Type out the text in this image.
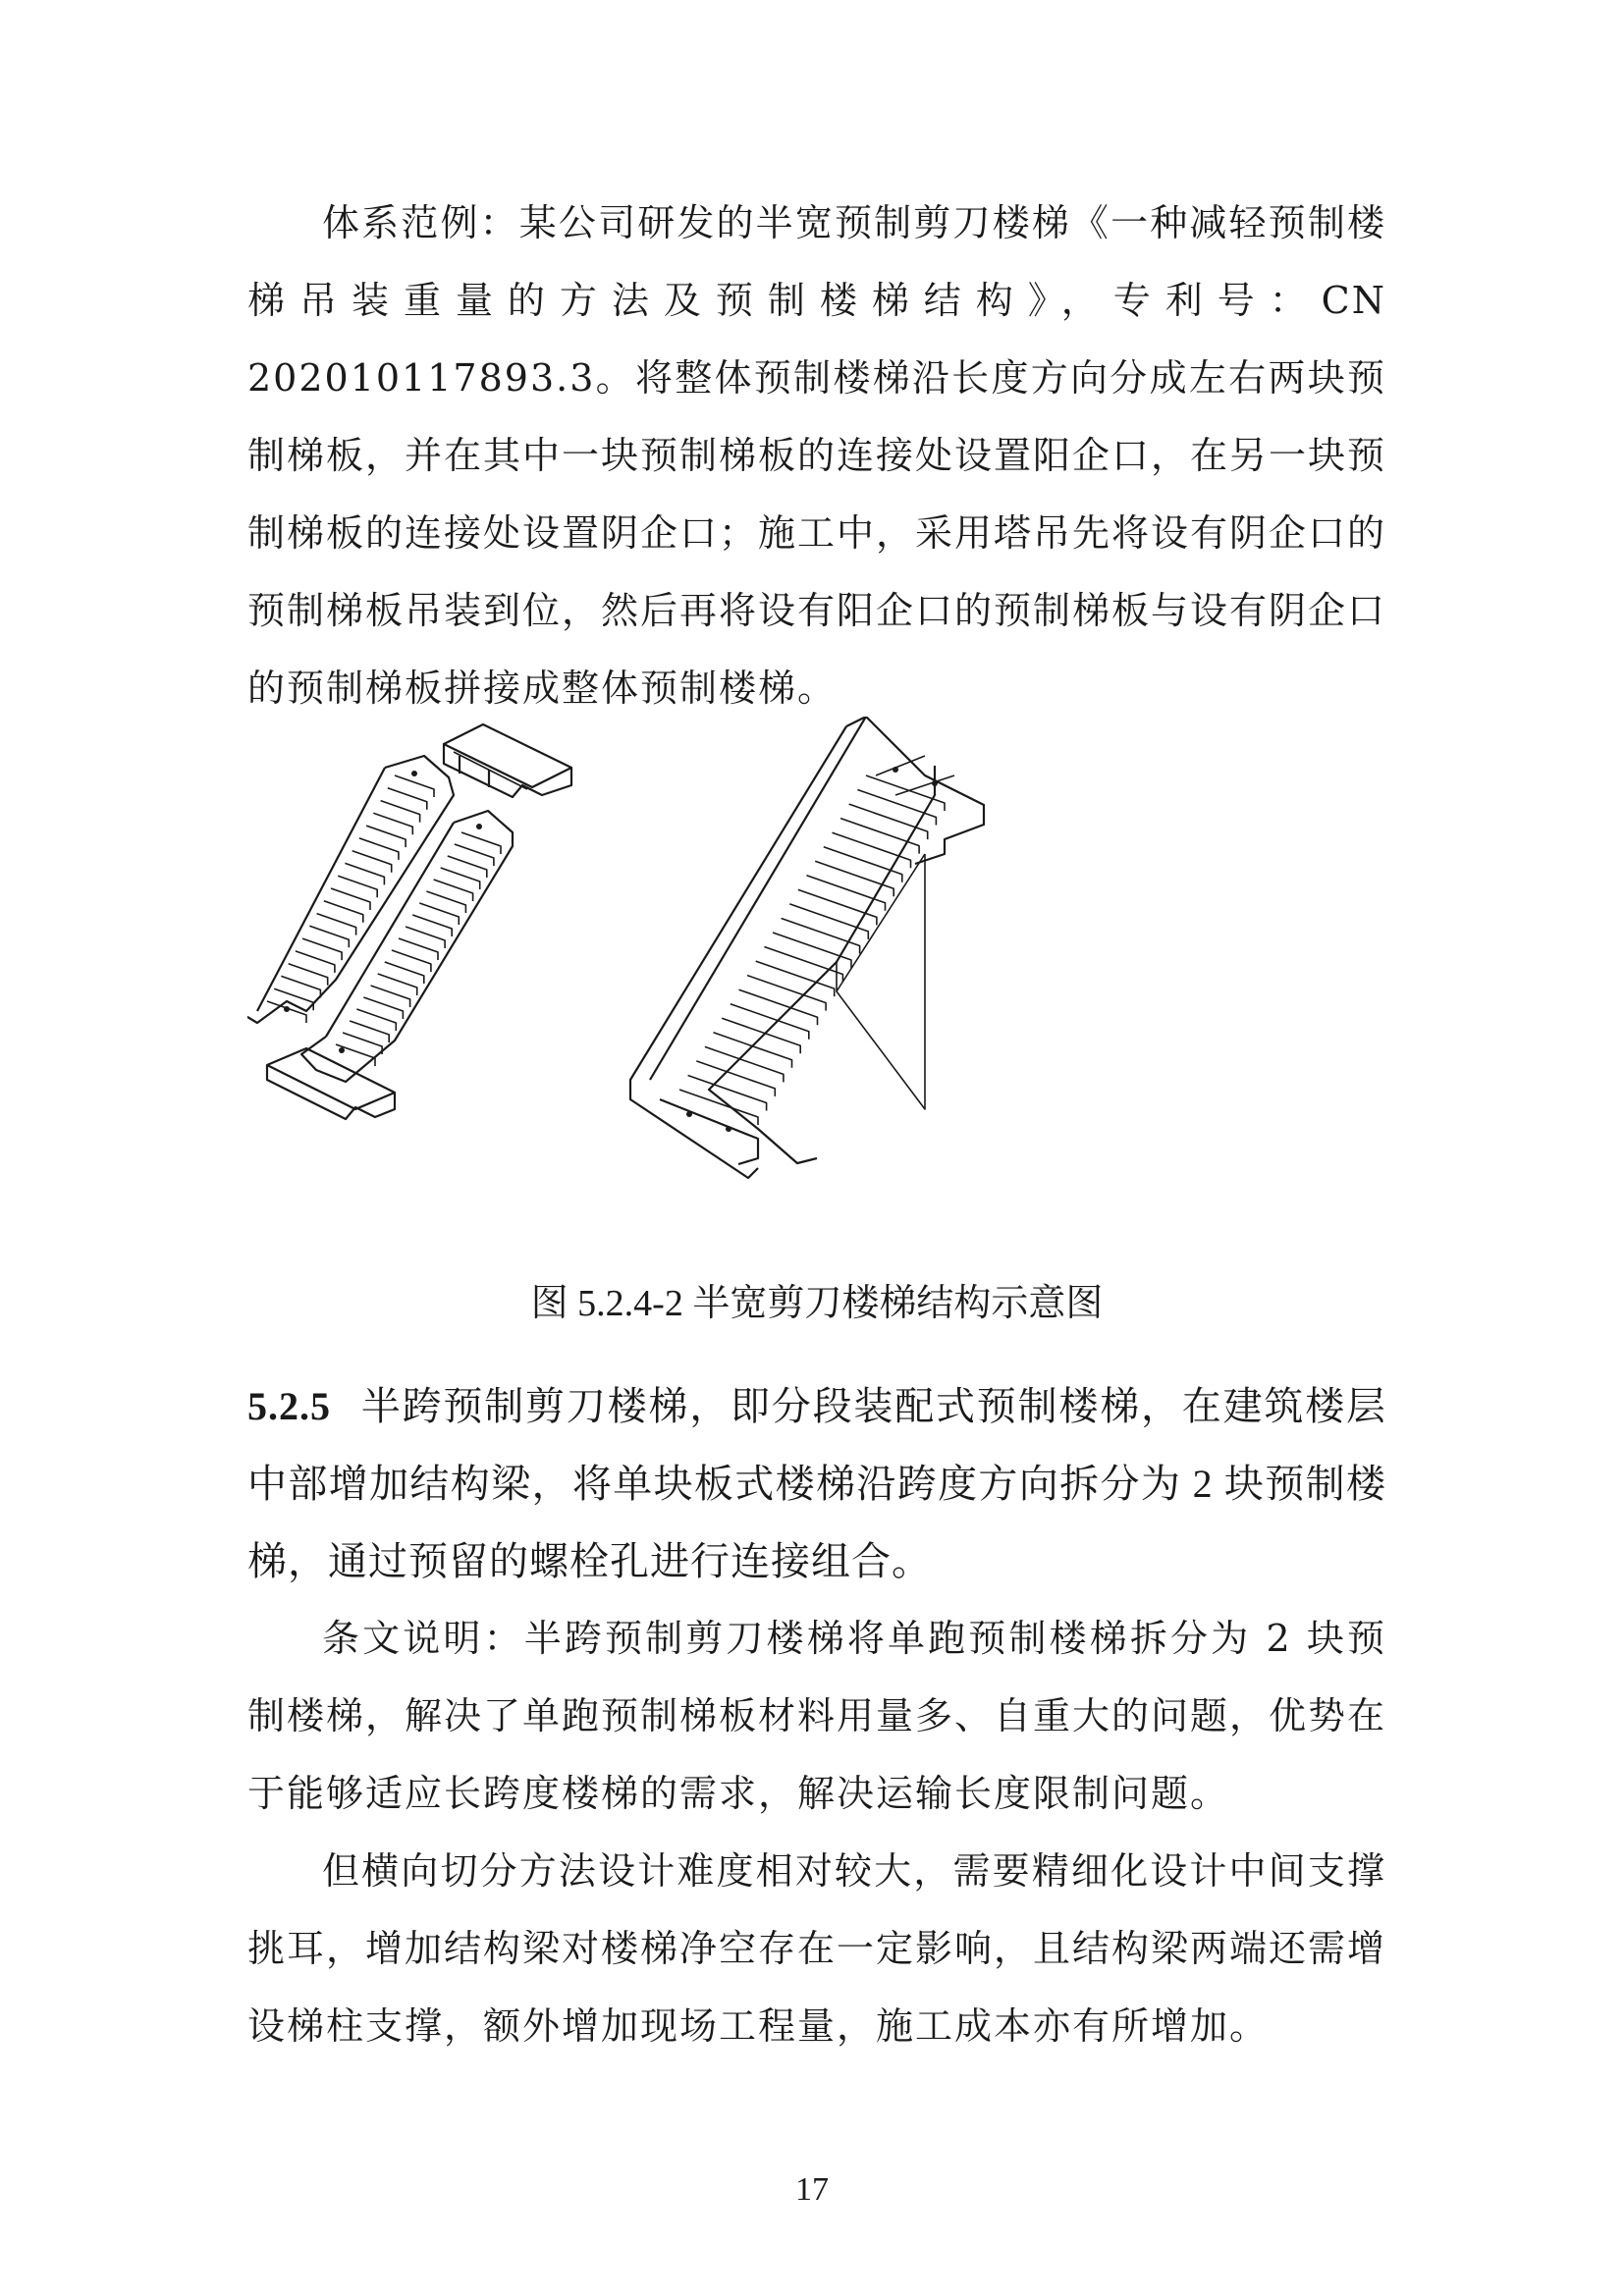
体系范例：某公司研发的半宽预制剪刀楼梯《一种减轻预制楼梯吊装重量的方法及预制楼梯结构》，专利号：CN 202010117893.3。将整体预制楼梯沿长度方向分成左右两块预制梯板，并在其中一块预制梯板的连接处设置阳企口，在另一块预制梯板的连接处设置阴企口；施工中，采用塔吊先将设有阴企口的预制梯板吊装到位，然后再将设有阳企口的预制梯板与设有阴企口的预制梯板拼接成整体预制楼梯。

图 5.2.4-2 半宽剪刀楼梯结构示意图

5.2.5 半跨预制剪刀楼梯，即分段装配式预制楼梯，在建筑楼层中部增加结构梁，将单块板式楼梯沿跨度方向拆分为 2 块预制楼梯，通过预留的螺栓孔进行连接组合。

条文说明：半跨预制剪刀楼梯将单跑预制楼梯拆分为 2 块预制楼梯，解决了单跑预制梯板材料用量多、自重大的问题，优势在于能够适应长跨度楼梯的需求，解决运输长度限制问题。

但横向切分方法设计难度相对较大，需要精细化设计中间支撑挑耳，增加结构梁对楼梯净空存在一定影响，且结构梁两端还需增设梯柱支撑，额外增加现场工程量，施工成本亦有所增加。

17
